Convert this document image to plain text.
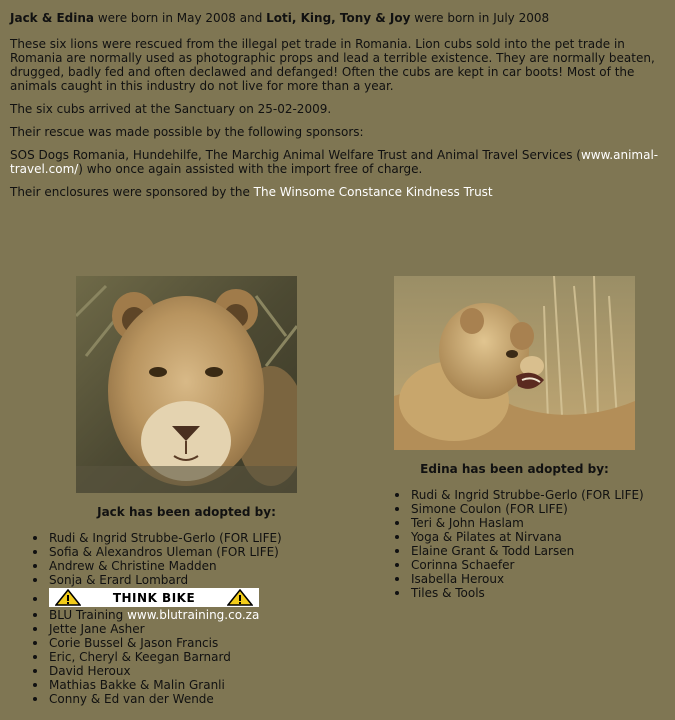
Jack & Edina were born in May 2008 and Loti, King, Tony & Joy were born in July 2008

These six lions were rescued from the illegal pet trade in Romania. Lion cubs sold into the pet trade in Romania are normally used as photographic props and lead a terrible existence. They are normally beaten, drugged, badly fed and often declawed and defanged! Often the cubs are kept in car boots! Most of the animals caught in this industry do not live for more than a year.

The six cubs arrived at the Sanctuary on 25-02-2009.

Their rescue was made possible by the following sponsors:

SOS Dogs Romania, Hundehilfe, The Marchig Animal Welfare Trust and Animal Travel Services (www.animal-travel.com/) who once again assisted with the import free of charge.

Their enclosures were sponsored by the The Winsome Constance Kindness Trust

Jack has been adopted by:
Edina has been adopted by:
Rudi & Ingrid Strubbe-Gerlo (FOR LIFE)
Sofia & Alexandros Uleman (FOR LIFE)
Andrew & Christine Madden
Sonja & Erard Lombard
THINK BIKE
BLU Training www.blutraining.co.za
Jette Jane Asher
Corie Bussel & Jason Francis
Eric, Cheryl & Keegan Barnard
David Heroux
Mathias Bakke & Malin Granli
Conny & Ed van der Wende
Rudi & Ingrid Strubbe-Gerlo (FOR LIFE)
Simone Coulon (FOR LIFE)
Teri & John Haslam
Yoga & Pilates at Nirvana
Elaine Grant & Todd Larsen
Corinna Schaefer
Isabella Heroux
Tiles & Tools
